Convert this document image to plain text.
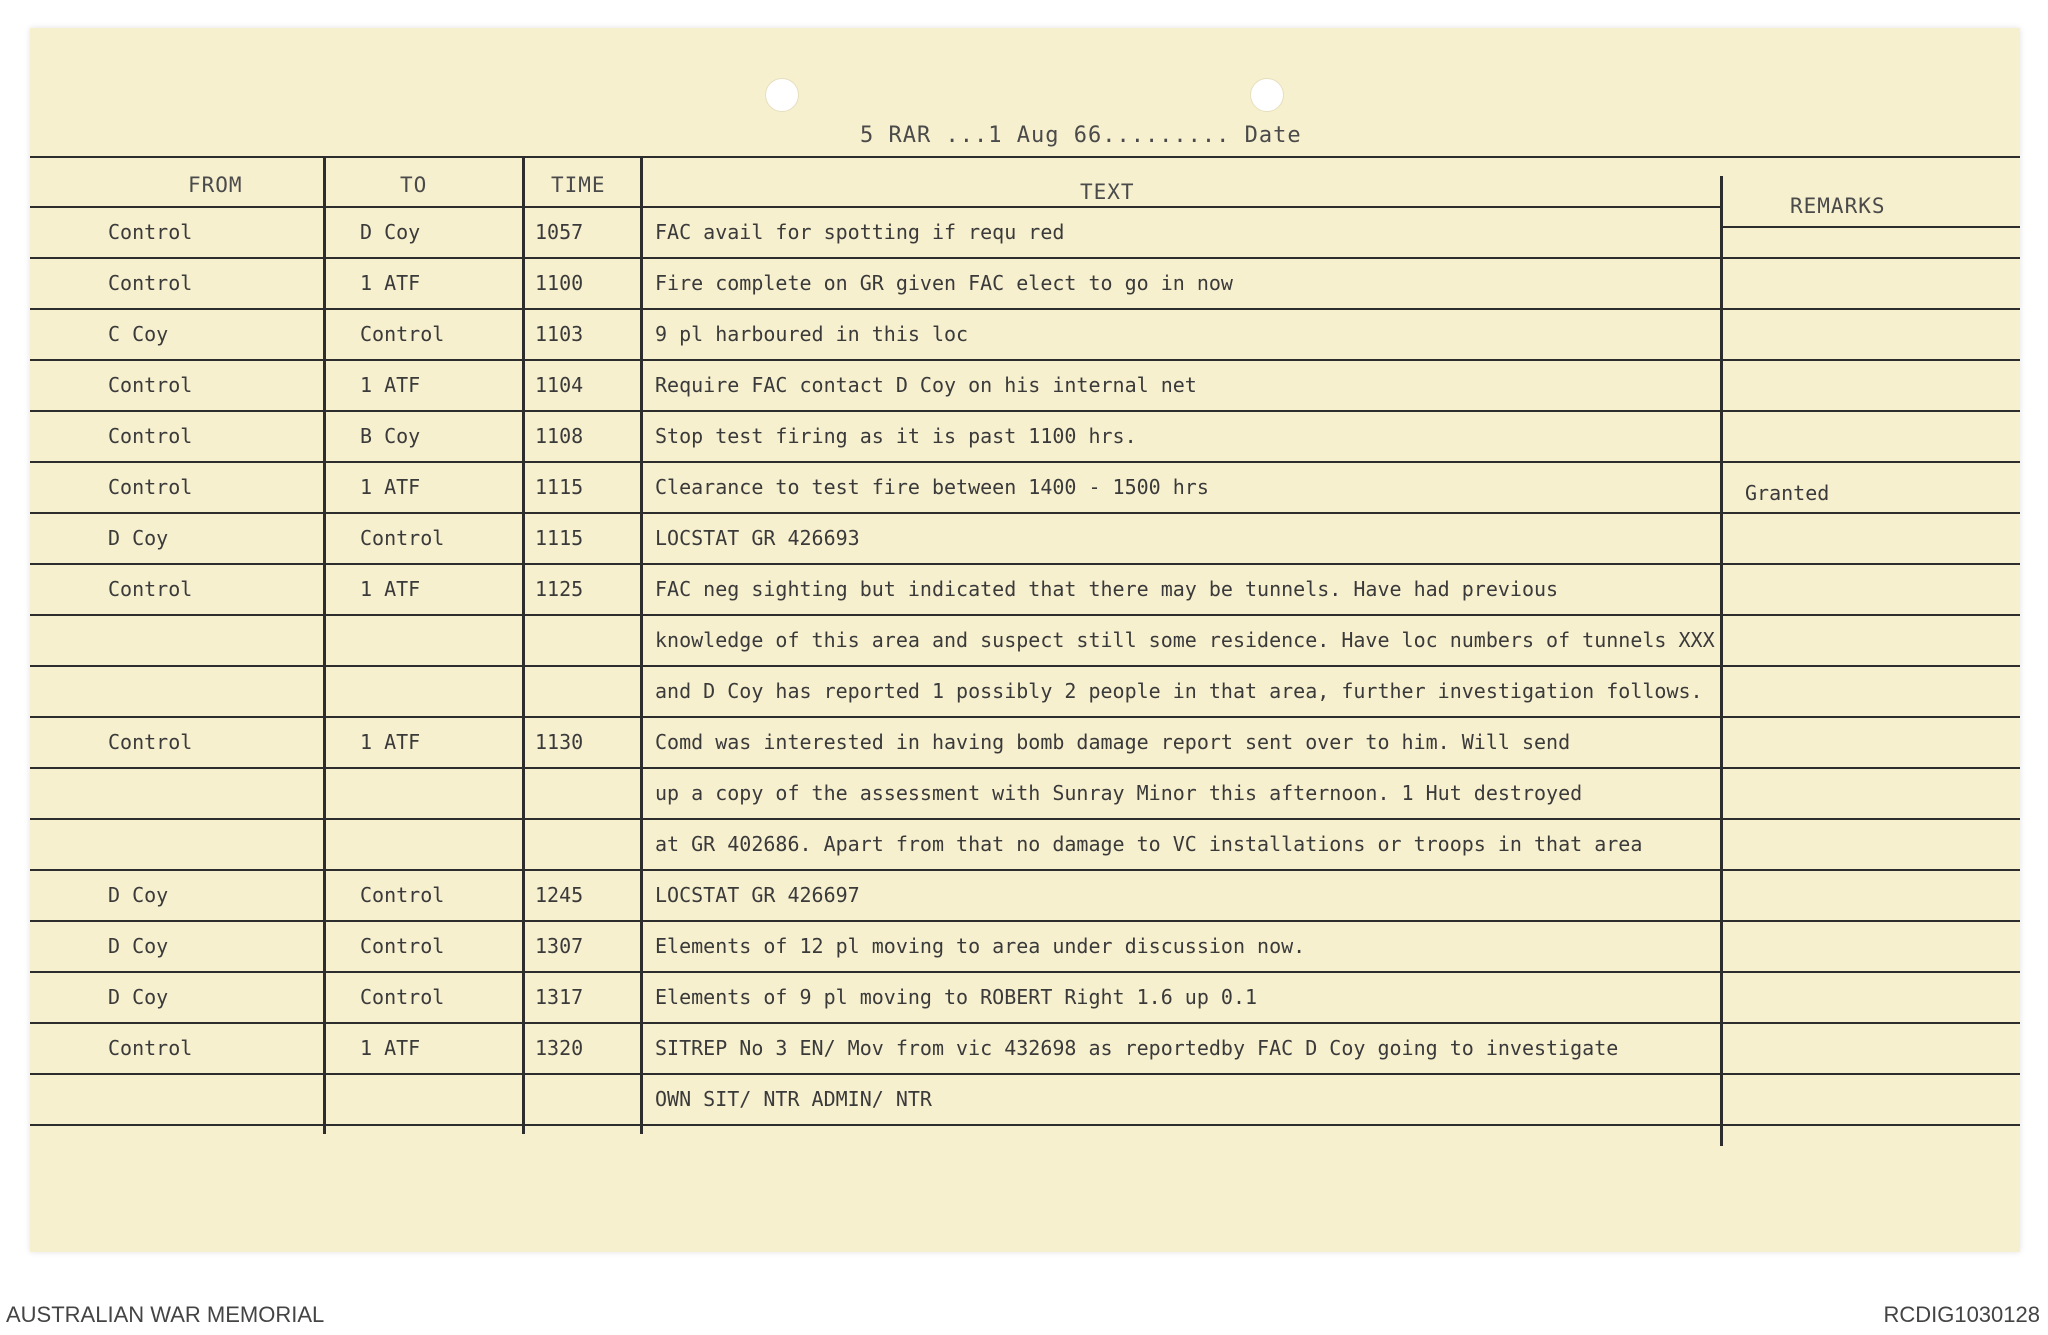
5 RAR ...1 Aug 66......... Date
FROM	TO	TIME	TEXT
REMARKS
Control	D Coy	1057	FAC avail for spotting if requ red
Control	1 ATF	1100	Fire complete on GR given FAC elect to go in now
C Coy	Control	1103	9 pl harboured in this loc
Control	1 ATF	1104	Require FAC contact D Coy on his internal net
Control	B Coy	1108	Stop test firing as it is past 1100 hrs.
Control	1 ATF	1115	Clearance to test fire between 1400 - 1500 hrs	Granted
D Coy	Control	1115	LOCSTAT GR 426693
Control	1 ATF	1125	FAC neg sighting but indicated that there may be tunnels. Have had previous
knowledge of this area and suspect still some residence. Have loc numbers of tunnels XXX
and D Coy has reported 1 possibly 2 people in that area, further investigation follows.
Control	1 ATF	1130	Comd was interested in having bomb damage report sent over to him. Will send
up a copy of the assessment with Sunray Minor this afternoon. 1 Hut destroyed
at GR 402686. Apart from that no damage to VC installations or troops in that area
D Coy	Control	1245	LOCSTAT GR 426697
D Coy	Control	1307	Elements of 12 pl moving to area under discussion now.
D Coy	Control	1317	Elements of 9 pl moving to ROBERT Right 1.6 up 0.1
Control	1 ATF	1320	SITREP No 3 EN/ Mov from vic 432698 as reportedby FAC D Coy going to investigate
OWN SIT/ NTR ADMIN/ NTR
AUSTRALIAN WAR MEMORIAL	RCDIG1030128
